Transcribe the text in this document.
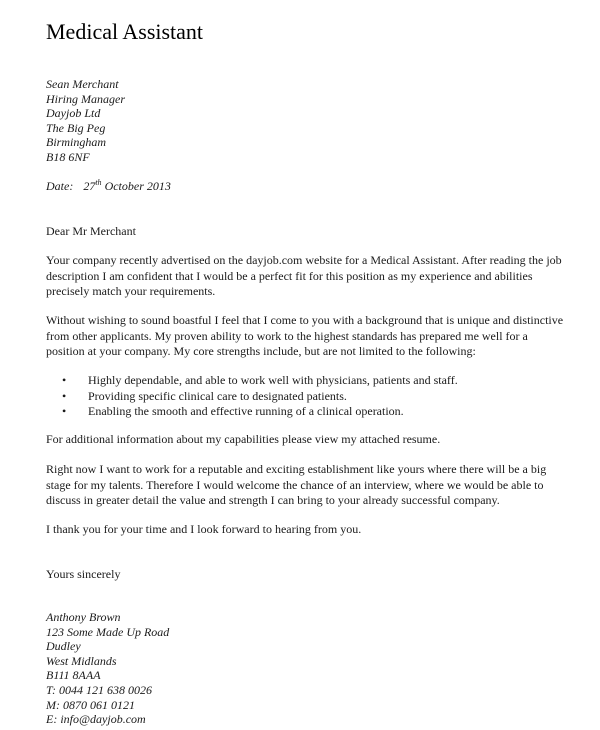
Medical Assistant
Sean Merchant
Hiring Manager
Dayjob Ltd
The Big Peg
Birmingham
B18 6NF
Date: 27th October 2013
Dear Mr Merchant
Your company recently advertised on the dayjob.com website for a Medical Assistant. After reading the job
description I am confident that I would be a perfect fit for this position as my experience and abilities
precisely match your requirements.
Without wishing to sound boastful I feel that I come to you with a background that is unique and distinctive
from other applicants. My proven ability to work to the highest standards has prepared me well for a
position at your company. My core strengths include, but are not limited to the following:
• Highly dependable, and able to work well with physicians, patients and staff.
• Providing specific clinical care to designated patients.
• Enabling the smooth and effective running of a clinical operation.
For additional information about my capabilities please view my attached resume.
Right now I want to work for a reputable and exciting establishment like yours where there will be a big
stage for my talents. Therefore I would welcome the chance of an interview, where we would be able to
discuss in greater detail the value and strength I can bring to your already successful company.
I thank you for your time and I look forward to hearing from you.
Yours sincerely
Anthony Brown
123 Some Made Up Road
Dudley
West Midlands
B111 8AAA
T: 0044 121 638 0026
M: 0870 061 0121
E: info@dayjob.com
